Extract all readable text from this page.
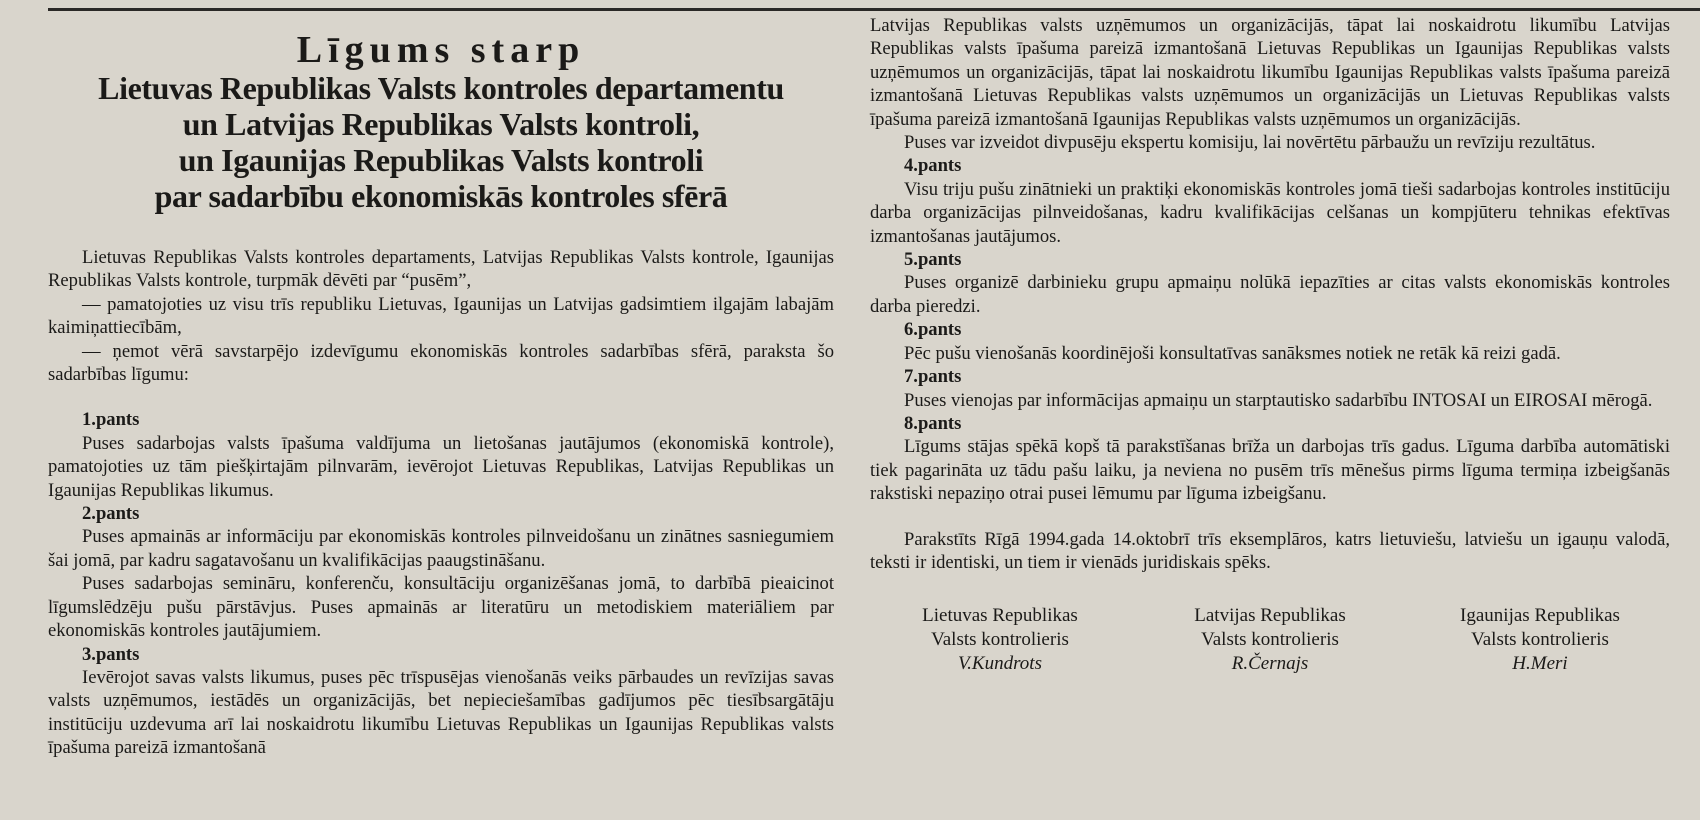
Līgums starp
Lietuvas Republikas Valsts kontroles departamentu
un Latvijas Republikas Valsts kontroli,
un Igaunijas Republikas Valsts kontroli
par sadarbību ekonomiskās kontroles sfērā

Lietuvas Republikas Valsts kontroles departaments, Latvijas Republikas Valsts kontrole, Igaunijas Republikas Valsts kontrole, turpmāk dēvēti par “pusēm”,

— pamatojoties uz visu trīs republiku Lietuvas, Igaunijas un Latvijas gadsimtiem ilgajām labajām kaimiņattiecībām,

— ņemot vērā savstarpējo izdevīgumu ekonomiskās kontroles sadarbības sfērā, paraksta šo sadarbības līgumu:

1.pants

Puses sadarbojas valsts īpašuma valdījuma un lietošanas jautājumos (ekonomiskā kontrole), pamatojoties uz tām piešķirtajām pilnvarām, ievērojot Lietuvas Republikas, Latvijas Republikas un Igaunijas Republikas likumus.

2.pants

Puses apmainās ar informāciju par ekonomiskās kontroles pilnveidošanu un zinātnes sasniegumiem šai jomā, par kadru sagatavošanu un kvalifikācijas paaugstināšanu.

Puses sadarbojas semināru, konferenču, konsultāciju organizēšanas jomā, to darbībā pieaicinot līgumslēdzēju pušu pārstāvjus. Puses apmainās ar literatūru un metodiskiem materiāliem par ekonomiskās kontroles jautājumiem.

3.pants

Ievērojot savas valsts likumus, puses pēc trīspusējas vienošanās veiks pārbaudes un revīzijas savas valsts uzņēmumos, iestādēs un organizācijās, bet nepieciešamības gadījumos pēc tiesībsargātāju institūciju uzdevuma arī lai noskaidrotu likumību Lietuvas Republikas un Igaunijas Republikas valsts īpašuma pareizā izmantošanā

Latvijas Republikas valsts uzņēmumos un organizācijās, tāpat lai noskaidrotu likumību Latvijas Republikas valsts īpašuma pareizā izmantošanā Lietuvas Republikas un Igaunijas Republikas valsts uzņēmumos un organizācijās, tāpat lai noskaidrotu likumību Igaunijas Republikas valsts īpašuma pareizā izmantošanā Lietuvas Republikas valsts uzņēmumos un organizācijās un Lietuvas Republikas valsts īpašuma pareizā izmantošanā Igaunijas Republikas valsts uzņēmumos un organizācijās.

Puses var izveidot divpusēju ekspertu komisiju, lai novērtētu pārbaužu un revīziju rezultātus.

4.pants

Visu triju pušu zinātnieki un praktiķi ekonomiskās kontroles jomā tieši sadarbojas kontroles institūciju darba organizācijas pilnveidošanas, kadru kvalifikācijas celšanas un kompjūteru tehnikas efektīvas izmantošanas jautājumos.

5.pants

Puses organizē darbinieku grupu apmaiņu nolūkā iepazīties ar citas valsts ekonomiskās kontroles darba pieredzi.

6.pants

Pēc pušu vienošanās koordinējoši konsultatīvas sanāksmes notiek ne retāk kā reizi gadā.

7.pants

Puses vienojas par informācijas apmaiņu un starptautisko sadarbību INTOSAI un EIROSAI mērogā.

8.pants

Līgums stājas spēkā kopš tā parakstīšanas brīža un darbojas trīs gadus. Līguma darbība automātiski tiek pagarināta uz tādu pašu laiku, ja neviena no pusēm trīs mēnešus pirms līguma termiņa izbeigšanās rakstiski nepaziņo otrai pusei lēmumu par līguma izbeigšanu.

Parakstīts Rīgā 1994.gada 14.oktobrī trīs eksemplāros, katrs lietuviešu, latviešu un igauņu valodā, teksti ir identiski, un tiem ir vienāds juridiskais spēks.

Lietuvas Republikas
Valsts kontrolieris
V.Kundrots
Latvijas Republikas
Valsts kontrolieris
R.Černajs
Igaunijas Republikas
Valsts kontrolieris
H.Meri
